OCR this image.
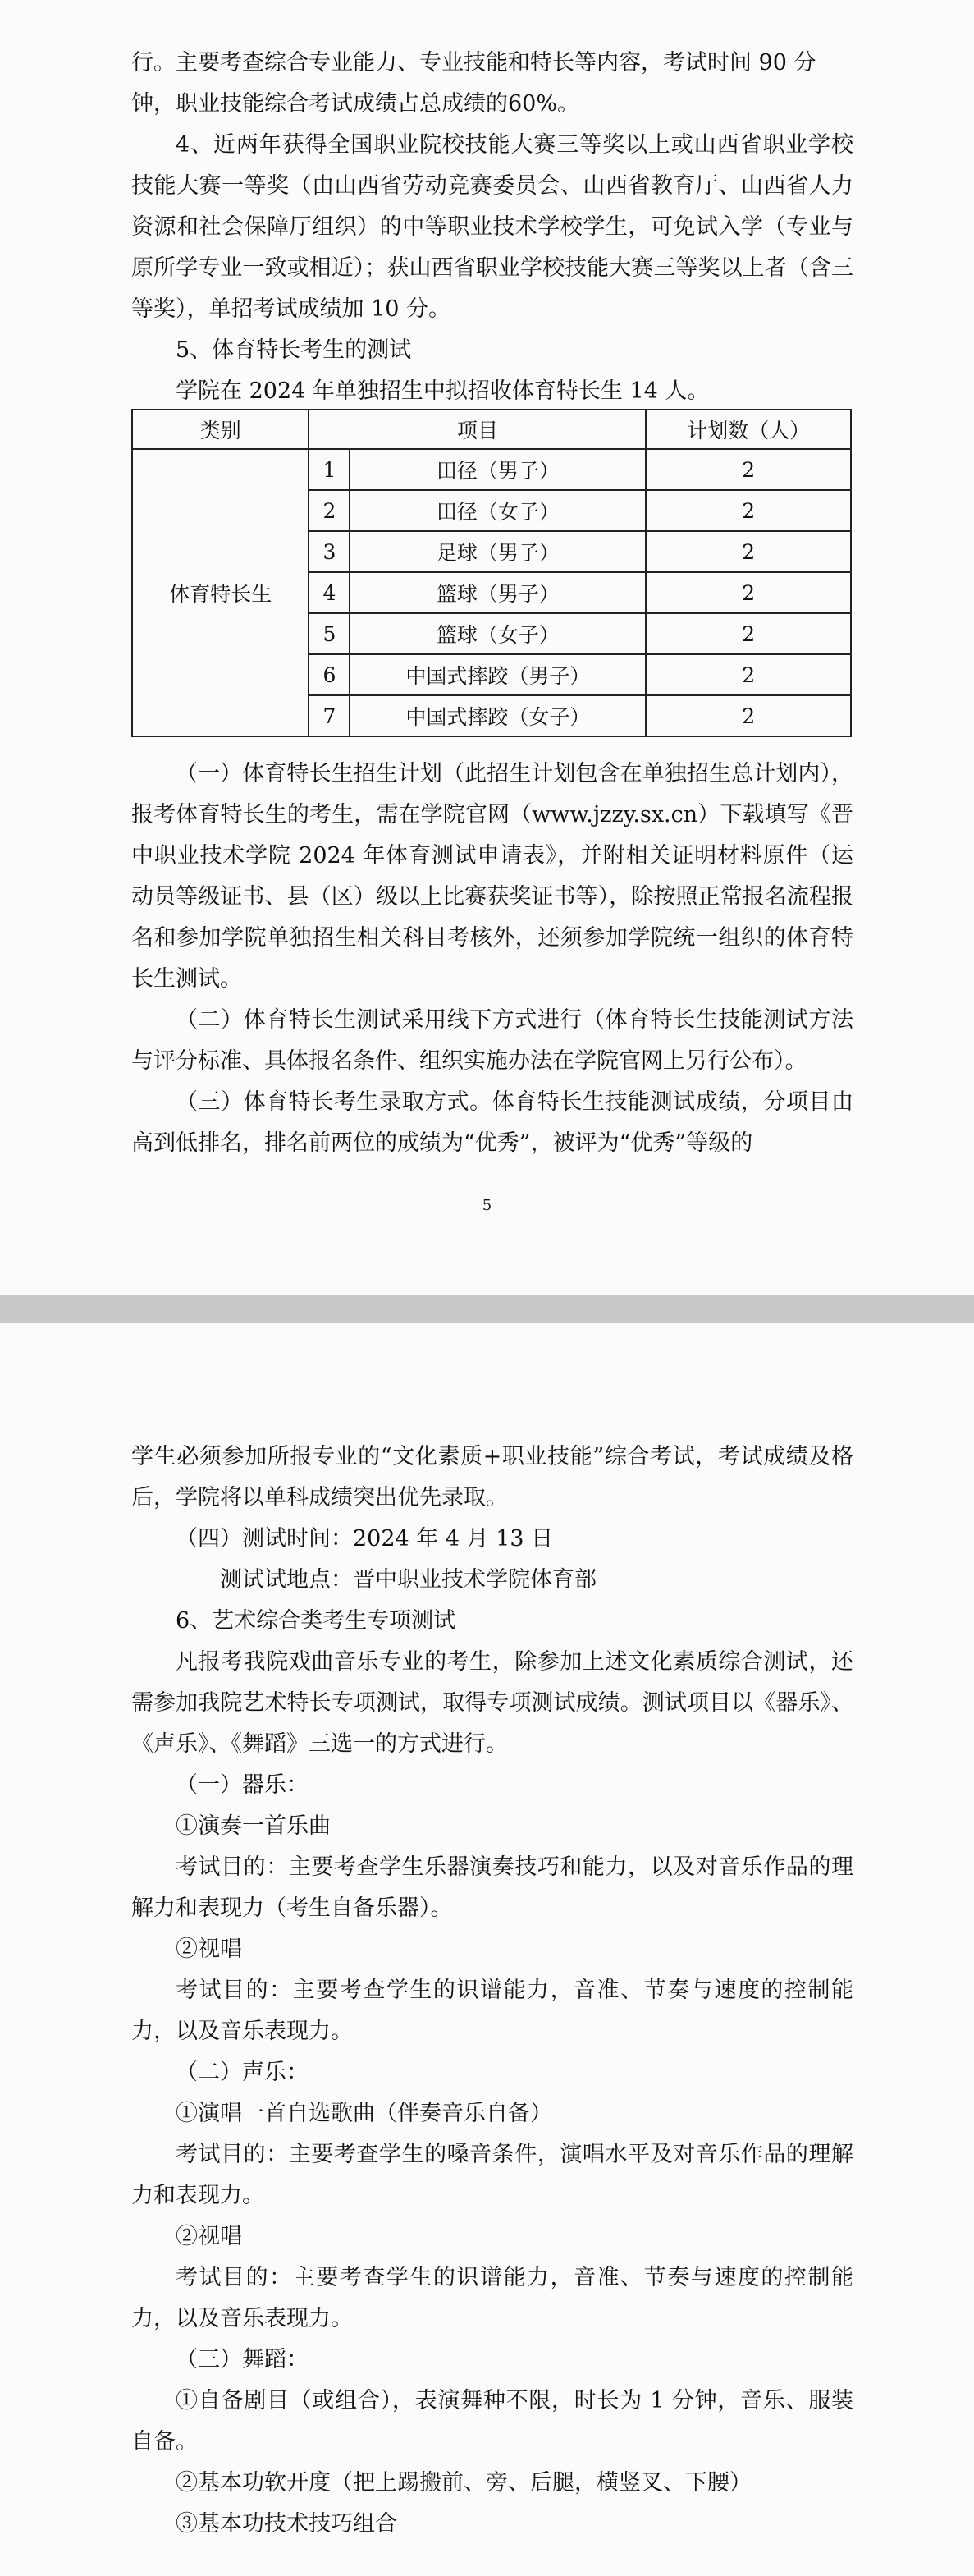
行。主要考查综合专业能力、专业技能和特长等内容，考试时间 90 分

钟，职业技能综合考试成绩占总成绩的60%。

4、近两年获得全国职业院校技能大赛三等奖以上或山西省职业学校技能大赛一等奖（由山西省劳动竞赛委员会、山西省教育厅、山西省人力资源和社会保障厅组织）的中等职业技术学校学生，可免试入学（专业与原所学专业一致或相近）；获山西省职业学校技能大赛三等奖以上者（含三等奖），单招考试成绩加 10 分。

5、体育特长考生的测试

学院在 2024 年单独招生中拟招收体育特长生 14 人。

类别	项目		计划数（人）
体育特长生	1	田径（男子）	2
	2	田径（女子）	2
	3	足球（男子）	2
	4	篮球（男子）	2
	5	篮球（女子）	2
	6	中国式摔跤（男子）	2
	7	中国式摔跤（女子）	2

（一）体育特长生招生计划（此招生计划包含在单独招生总计划内），报考体育特长生的考生，需在学院官网（www.jzzy.sx.cn）下载填写《晋中职业技术学院 2024 年体育测试申请表》，并附相关证明材料原件（运动员等级证书、县（区）级以上比赛获奖证书等），除按照正常报名流程报名和参加学院单独招生相关科目考核外，还须参加学院统一组织的体育特长生测试。

（二）体育特长生测试采用线下方式进行（体育特长生技能测试方法与评分标准、具体报名条件、组织实施办法在学院官网上另行公布）。

（三）体育特长考生录取方式。体育特长生技能测试成绩，分项目由高到低排名，排名前两位的成绩为“优秀”，被评为“优秀”等级的

5

学生必须参加所报专业的“文化素质+职业技能”综合考试，考试成绩及格后，学院将以单科成绩突出优先录取。

（四）测试时间：2024 年 4 月 13 日

测试试地点：晋中职业技术学院体育部

6、艺术综合类考生专项测试

凡报考我院戏曲音乐专业的考生，除参加上述文化素质综合测试，还需参加我院艺术特长专项测试，取得专项测试成绩。测试项目以《器乐》、《声乐》、《舞蹈》三选一的方式进行。

（一）器乐：

①演奏一首乐曲

考试目的：主要考查学生乐器演奏技巧和能力，以及对音乐作品的理解力和表现力（考生自备乐器）。

②视唱

考试目的：主要考查学生的识谱能力，音准、节奏与速度的控制能力，以及音乐表现力。

（二）声乐：

①演唱一首自选歌曲（伴奏音乐自备）

考试目的：主要考查学生的嗓音条件，演唱水平及对音乐作品的理解力和表现力。

②视唱

考试目的：主要考查学生的识谱能力，音准、节奏与速度的控制能力，以及音乐表现力。

（三）舞蹈：

①自备剧目（或组合），表演舞种不限，时长为 1 分钟，音乐、服装自备。

②基本功软开度（把上踢搬前、旁、后腿，横竖叉、下腰）

③基本功技术技巧组合
